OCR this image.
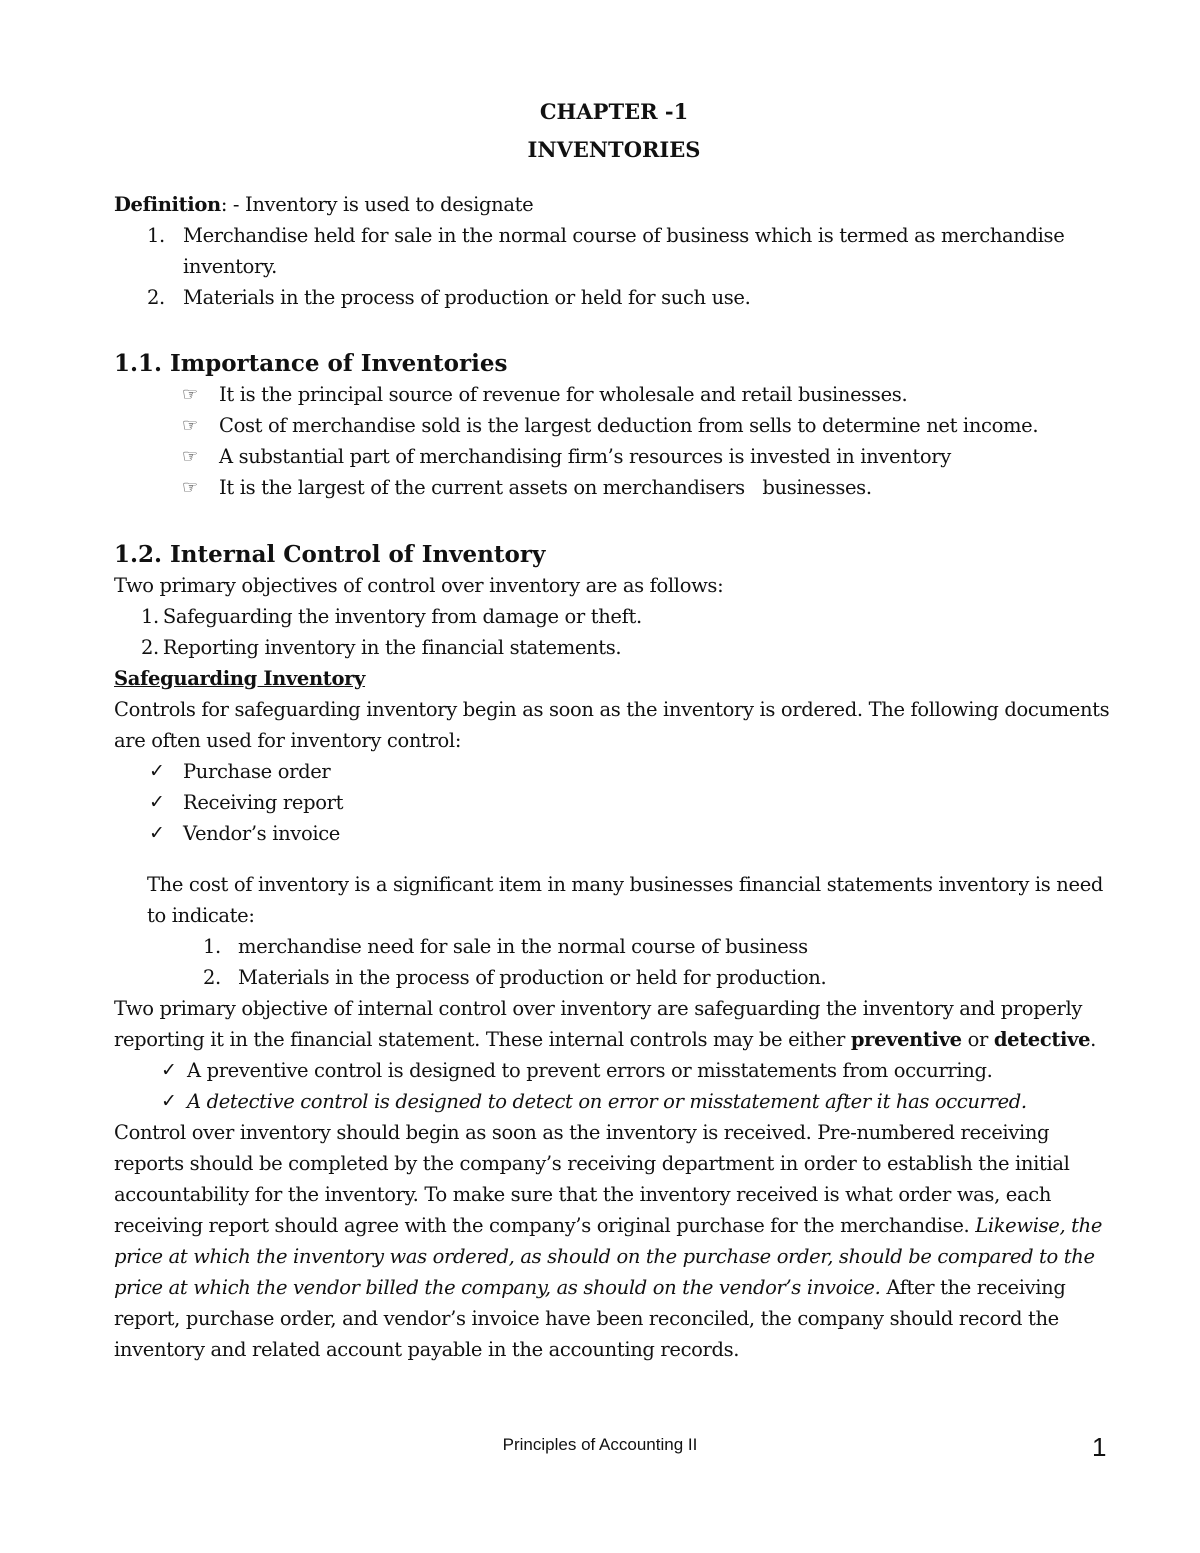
CHAPTER -1
INVENTORIES

Definition: - Inventory is used to designate

1. Merchandise held for sale in the normal course of business which is termed as merchandise inventory.
2. Materials in the process of production or held for such use.
1.1. Importance of Inventories
☞ It is the principal source of revenue for wholesale and retail businesses.
☞ Cost of merchandise sold is the largest deduction from sells to determine net income.
☞ A substantial part of merchandising firm’s resources is invested in inventory
☞ It is the largest of the current assets on merchandisers   businesses.
1.2. Internal Control of Inventory

Two primary objectives of control over inventory are as follows:

1. Safeguarding the inventory from damage or theft.
2. Reporting inventory in the financial statements.

Safeguarding Inventory

Controls for safeguarding inventory begin as soon as the inventory is ordered. The following documents are often used for inventory control:

✓ Purchase order
✓ Receiving report
✓ Vendor’s invoice

The cost of inventory is a significant item in many businesses financial statements inventory is need to indicate:

1. merchandise need for sale in the normal course of business
2. Materials in the process of production or held for production.

Two primary objective of internal control over inventory are safeguarding the inventory and properly reporting it in the financial statement. These internal controls may be either preventive or detective.

✓ A preventive control is designed to prevent errors or misstatements from occurring.
✓ A detective control is designed to detect on error or misstatement after it has occurred.

Control over inventory should begin as soon as the inventory is received. Pre-numbered receiving reports should be completed by the company’s receiving department in order to establish the initial accountability for the inventory. To make sure that the inventory received is what order was, each receiving report should agree with the company’s original purchase for the merchandise. Likewise, the price at which the inventory was ordered, as should on the purchase order, should be compared to the price at which the vendor billed the company, as should on the vendor’s invoice. After the receiving report, purchase order, and vendor’s invoice have been reconciled, the company should record the inventory and related account payable in the accounting records.

Principles of Accounting II	1
